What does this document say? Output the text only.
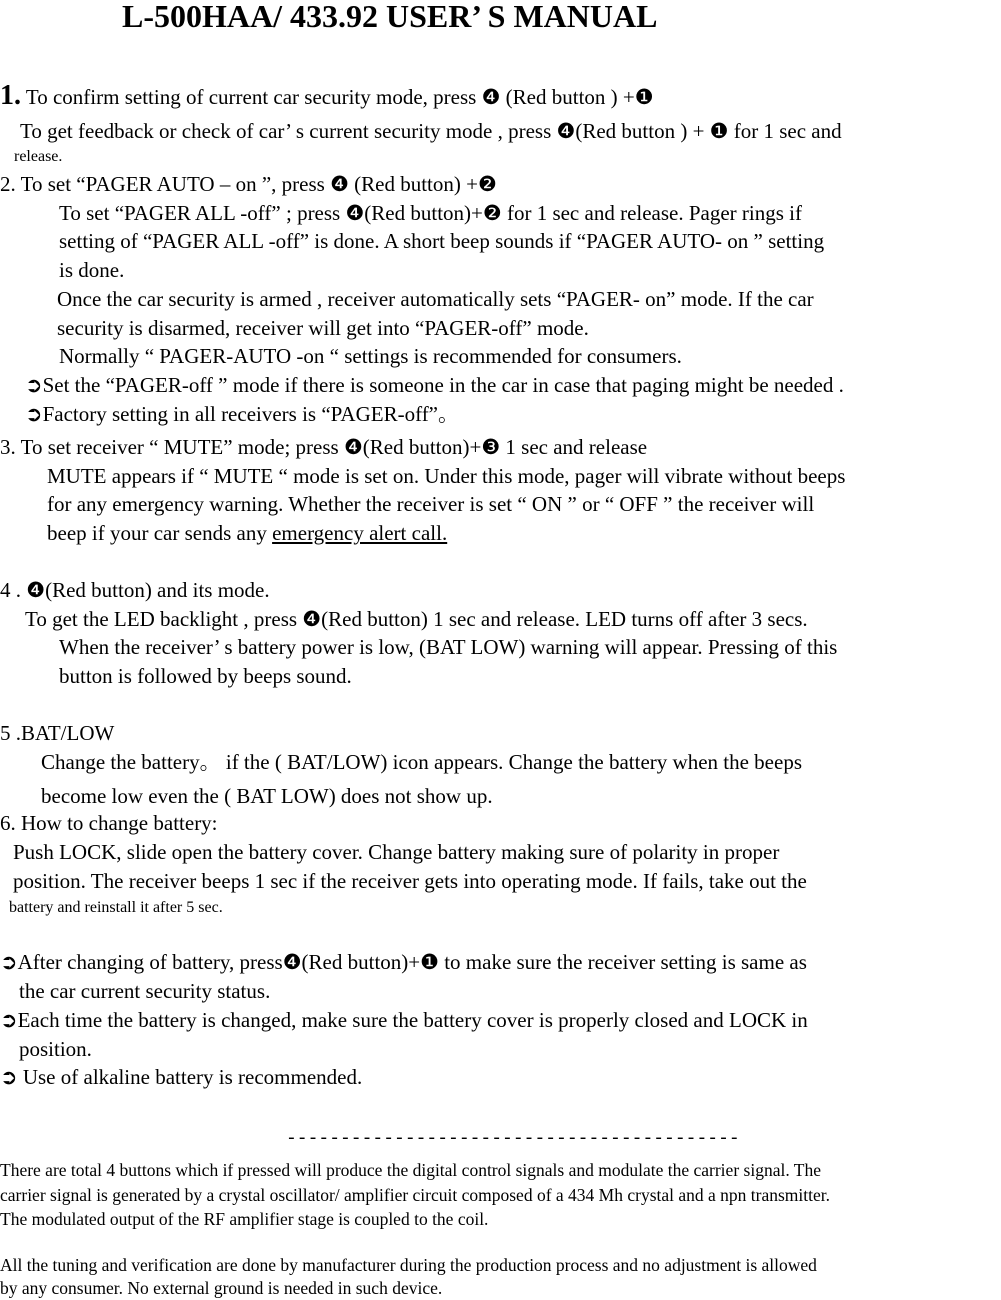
L-500HAA/ 433.92 USER’ S MANUAL
1. To confirm setting of current car security mode, press ❹ (Red button ) +❶
To get feedback or check of car’ s current security mode , press ❹(Red button ) + ❶ for 1 sec and
release.
2. To set “PAGER AUTO – on ”, press ❹ (Red button) +❷
To set “PAGER ALL -off” ; press ❹(Red button)+❷ for 1 sec and release. Pager rings if
setting of “PAGER ALL -off” is done. A short beep sounds if “PAGER AUTO- on ” setting
is done.
Once the car security is armed , receiver automatically sets “PAGER- on” mode. If the car
security is disarmed, receiver will get into “PAGER-off” mode.
Normally “ PAGER-AUTO -on “ settings is recommended for consumers.
➲Set the “PAGER-off ” mode if there is someone in the car in case that paging might be needed .
➲Factory setting in all receivers is “PAGER-off”。
3. To set receiver “ MUTE” mode; press ❹(Red button)+❸ 1 sec and release
MUTE appears if “ MUTE “ mode is set on. Under this mode, pager will vibrate without beeps
for any emergency warning. Whether the receiver is set “ ON ” or “ OFF ” the receiver will
beep if your car sends any emergency alert call.
4 . ❹(Red button) and its mode.
To get the LED backlight , press ❹(Red button) 1 sec and release. LED turns off after 3 secs.
When the receiver’ s battery power is low, (BAT LOW) warning will appear. Pressing of this
button is followed by beeps sound.
5 .BAT/LOW
Change the battery。 if the ( BAT/LOW) icon appears. Change the battery when the beeps
become low even the ( BAT LOW) does not show up.
6. How to change battery:
Push LOCK, slide open the battery cover. Change battery making sure of polarity in proper
position. The receiver beeps 1 sec if the receiver gets into operating mode. If fails, take out the
battery and reinstall it after 5 sec.
➲After changing of battery, press❹(Red button)+❶ to make sure the receiver setting is same as
the car current security status.
➲Each time the battery is changed, make sure the battery cover is properly closed and LOCK in
position.
➲ Use of alkaline battery is recommended.
------------------------------------------
There are total 4 buttons which if pressed will produce the digital control signals and modulate the carrier signal. The
carrier signal is generated by a crystal oscillator/ amplifier circuit composed of a 434 Mh crystal and a npn transmitter.
The modulated output of the RF amplifier stage is coupled to the coil.
All the tuning and verification are done by manufacturer during the production process and no adjustment is allowed
by any consumer. No external ground is needed in such device.
